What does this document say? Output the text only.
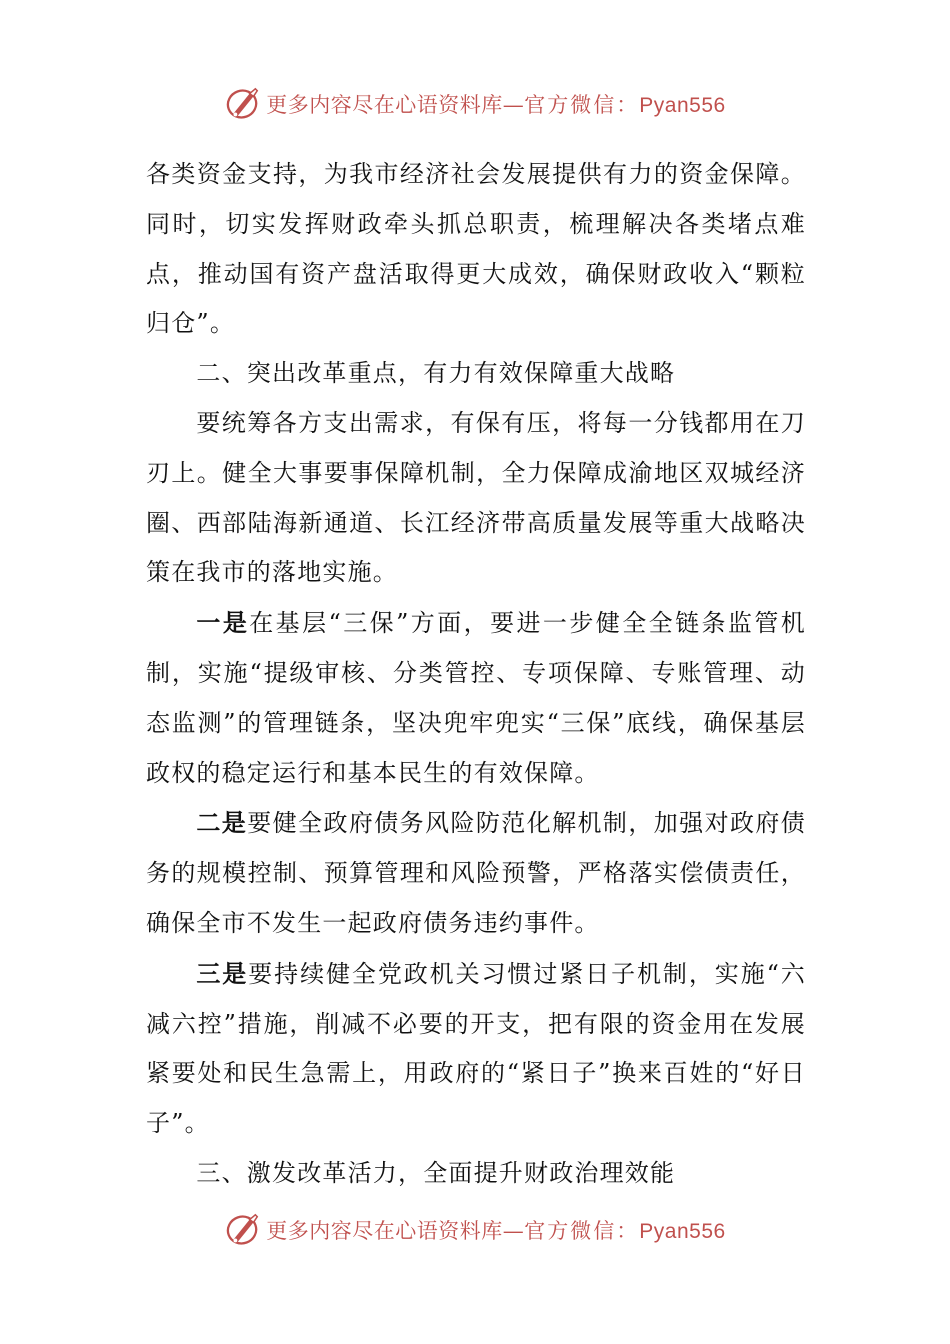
更多内容尽在心语资料库—官方微信：Pyan556

各类资金支持，为我市经济社会发展提供有力的资金保障。同时，切实发挥财政牵头抓总职责，梳理解决各类堵点难点，推动国有资产盘活取得更大成效，确保财政收入“颗粒归仓”。

二、突出改革重点，有力有效保障重大战略

要统筹各方支出需求，有保有压，将每一分钱都用在刀刃上。健全大事要事保障机制，全力保障成渝地区双城经济圈、西部陆海新通道、长江经济带高质量发展等重大战略决策在我市的落地实施。

一是在基层“三保”方面，要进一步健全全链条监管机制，实施“提级审核、分类管控、专项保障、专账管理、动态监测”的管理链条，坚决兜牢兜实“三保”底线，确保基层政权的稳定运行和基本民生的有效保障。

二是要健全政府债务风险防范化解机制，加强对政府债务的规模控制、预算管理和风险预警，严格落实偿债责任，确保全市不发生一起政府债务违约事件。

三是要持续健全党政机关习惯过紧日子机制，实施“六减六控”措施，削减不必要的开支，把有限的资金用在发展紧要处和民生急需上，用政府的“紧日子”换来百姓的“好日子”。

三、激发改革活力，全面提升财政治理效能

更多内容尽在心语资料库—官方微信：Pyan556
